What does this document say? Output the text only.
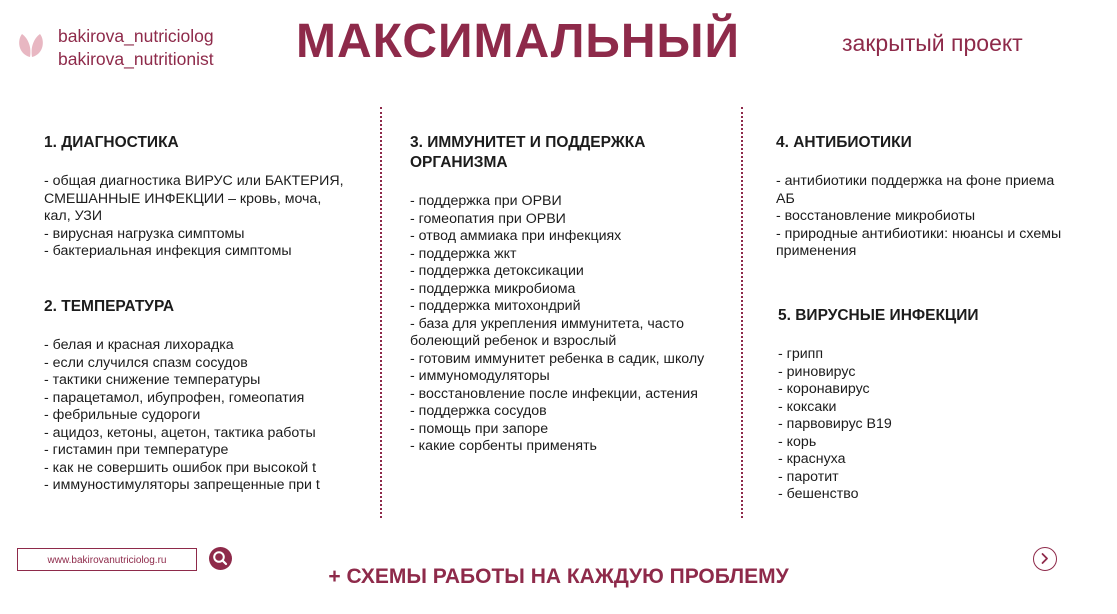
bakirova_nutriciolog
bakirova_nutritionist МАКСИМАЛЬНЫЙ	закрытый проект
1. ДИАГНОСТИКА
- общая диагностика ВИРУС или БАКТЕРИЯ, СМЕШАННЫЕ ИНФЕКЦИИ – кровь, моча, кал, УЗИ
- вирусная нагрузка симптомы
- бактериальная инфекция симптомы
2. ТЕМПЕРАТУРА
- белая и красная лихорадка
- если случился спазм сосудов
- тактики снижение температуры
- парацетамол, ибупрофен, гомеопатия
- фебрильные судороги
- ацидоз, кетоны, ацетон, тактика работы
- гистамин при температуре
- как не совершить ошибок при высокой t
- иммуностимуляторы запрещенные при t
3. ИММУНИТЕТ И ПОДДЕРЖКА ОРГАНИЗМА
- поддержка при ОРВИ
- гомеопатия при ОРВИ
- отвод аммиака при инфекциях
- поддержка жкт
- поддержка детоксикации
- поддержка микробиома
- поддержка митохондрий
- база для укрепления иммунитета, часто болеющий ребенок и взрослый
- готовим иммунитет ребенка в садик, школу
- иммуномодуляторы
- восстановление после инфекции, астения
- поддержка сосудов
- помощь при запоре
- какие сорбенты применять
4. АНТИБИОТИКИ
- антибиотики поддержка на фоне приема АБ
- восстановление микробиоты
- природные антибиотики: нюансы и схемы применения
5. ВИРУСНЫЕ ИНФЕКЦИИ
- грипп
- риновирус
- коронавирус
- коксаки
- парвовирус В19
- корь
- краснуха
- паротит
- бешенство
www.bakirovanutriciolog.ru
+ СХЕМЫ РАБОТЫ НА КАЖДУЮ ПРОБЛЕМУ
